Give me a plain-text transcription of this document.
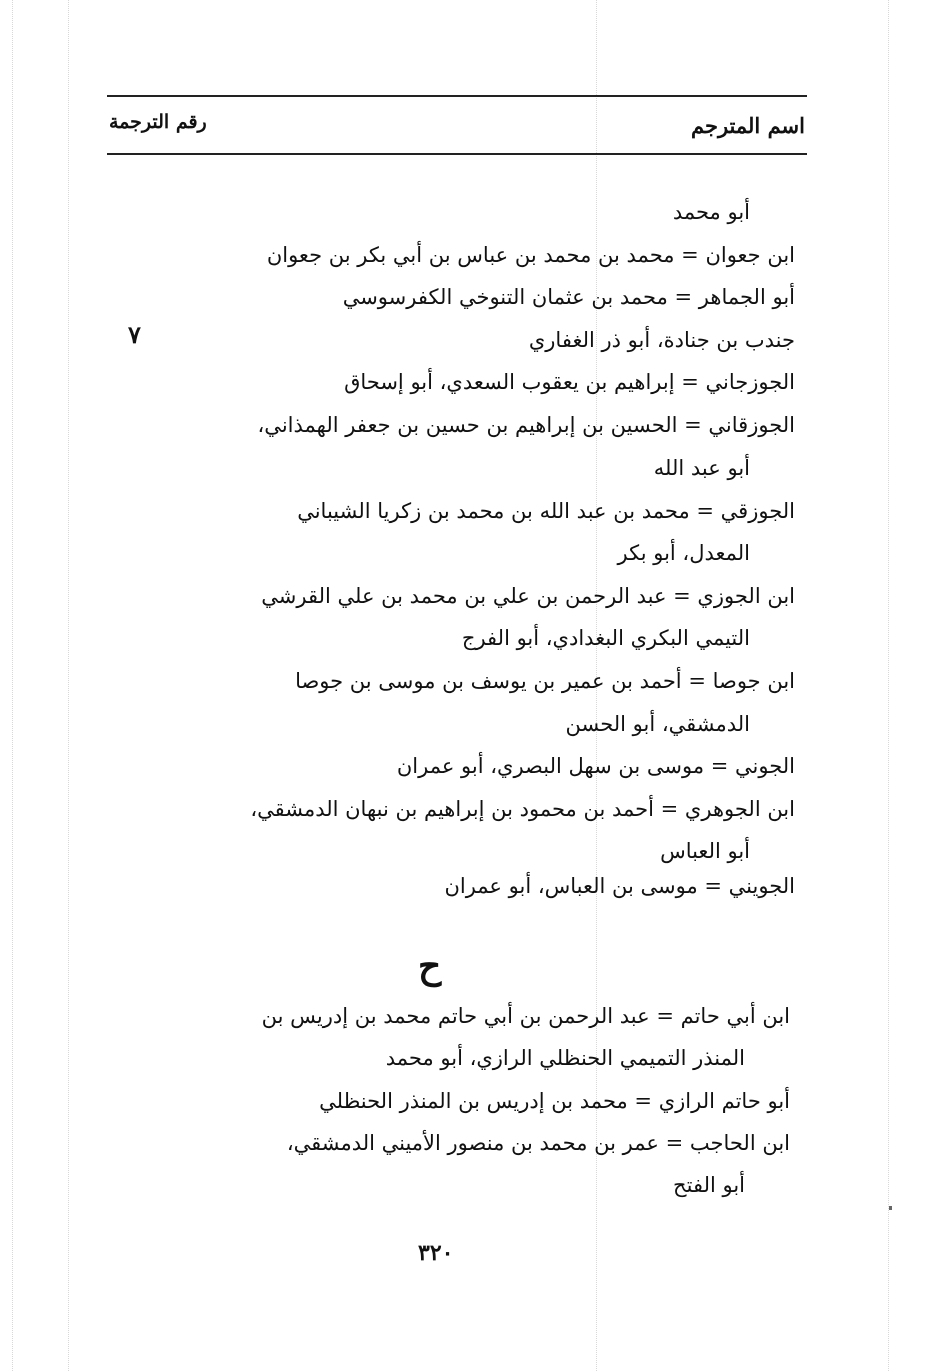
اسم المترجم
رقم الترجمة
٧
أبو محمد
ابن جعوان = محمد بن محمد بن عباس بن أبي بكر بن جعوان
أبو الجماهر = محمد بن عثمان التنوخي الكفرسوسي
جندب بن جنادة، أبو ذر الغفاري
الجوزجاني = إبراهيم بن يعقوب السعدي، أبو إسحاق
الجوزقاني = الحسين بن إبراهيم بن حسين بن جعفر الهمذاني،
أبو عبد الله
الجوزقي = محمد بن عبد الله بن محمد بن زكريا الشيباني
المعدل، أبو بكر
ابن الجوزي = عبد الرحمن بن علي بن محمد بن علي القرشي
التيمي البكري البغدادي، أبو الفرج
ابن جوصا = أحمد بن عمير بن يوسف بن موسى بن جوصا
الدمشقي، أبو الحسن
الجوني = موسى بن سهل البصري، أبو عمران
ابن الجوهري = أحمد بن محمود بن إبراهيم بن نبهان الدمشقي،
أبو العباس
الجويني = موسى بن العباس، أبو عمران
ح
ابن أبي حاتم = عبد الرحمن بن أبي حاتم محمد بن إدريس بن
المنذر التميمي الحنظلي الرازي، أبو محمد
أبو حاتم الرازي = محمد بن إدريس بن المنذر الحنظلي
ابن الحاجب = عمر بن محمد بن منصور الأميني الدمشقي،
أبو الفتح
٣٢٠
